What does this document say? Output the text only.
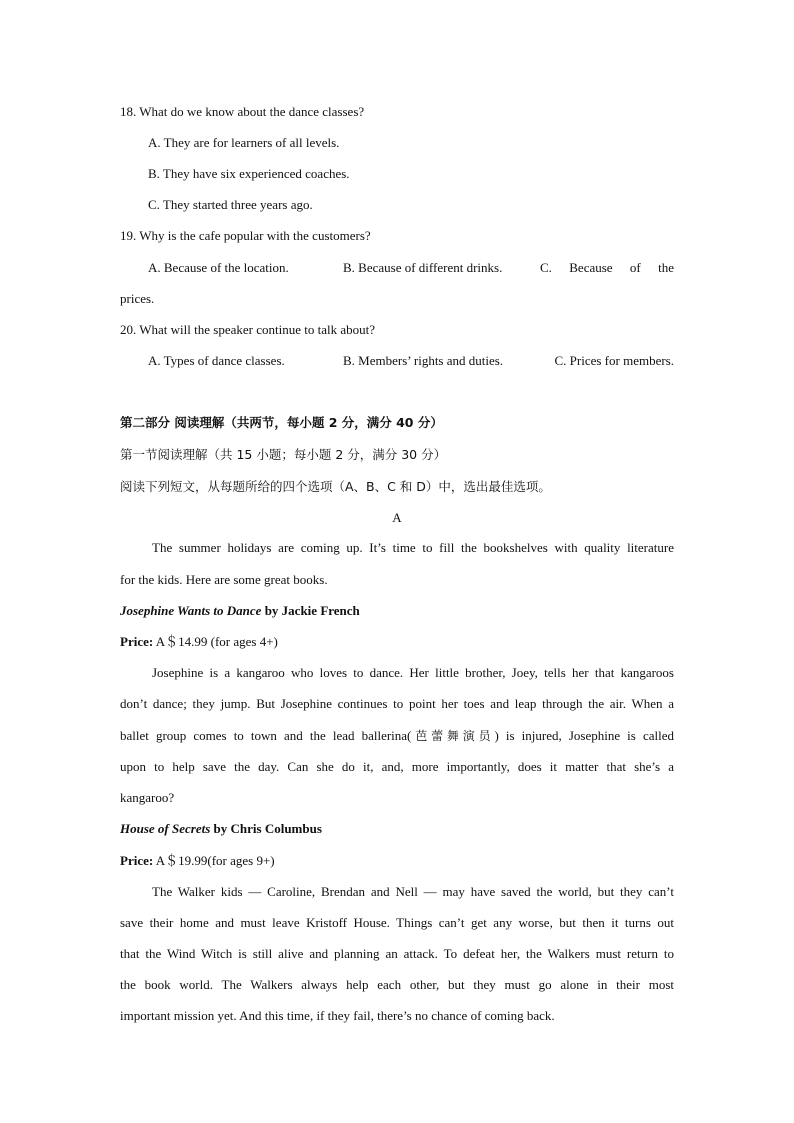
18. What do we know about the dance classes?
A. They are for learners of all levels.
B. They have six experienced coaches.
C. They started three years ago.
19. Why is the cafe popular with the customers?
A. Because of the location.	B. Because of different drinks.	C. Because of the
prices.
20. What will the speaker continue to talk about?
A. Types of dance classes.	B. Members’ rights and duties.	C. Prices for members.
第二部分 阅读理解（共两节，每小题 2 分，满分 40 分）
第一节阅读理解（共 15 小题；每小题 2 分，满分 30 分）
阅读下列短文，从每题所给的四个选项（A、B、C 和 D）中，选出最佳选项。
A
The summer holidays are coming up. It’s time to fill the bookshelves with quality literature
for the kids. Here are some great books.
Josephine Wants to Dance by Jackie French
Price: A＄14.99 (for ages 4+)
Josephine is a kangaroo who loves to dance. Her little brother, Joey, tells her that kangaroos
don’t dance; they jump. But Josephine continues to point her toes and leap through the air. When a
ballet group comes to town and the lead ballerina(芭蕾舞演员) is injured, Josephine is called
upon to help save the day. Can she do it, and, more importantly, does it matter that she’s a
kangaroo?
House of Secrets by Chris Columbus
Price: A＄19.99(for ages 9+)
The Walker kids — Caroline, Brendan and Nell — may have saved the world, but they can’t
save their home and must leave Kristoff House. Things can’t get any worse, but then it turns out
that the Wind Witch is still alive and planning an attack. To defeat her, the Walkers must return to
the book world. The Walkers always help each other, but they must go alone in their most
important mission yet. And this time, if they fail, there’s no chance of coming back.
